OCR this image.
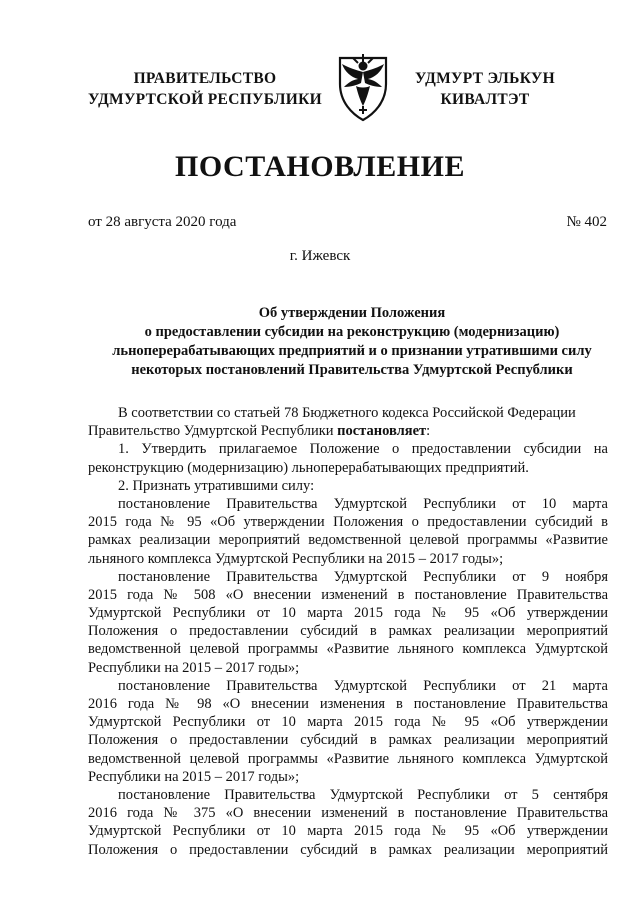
ПРАВИТЕЛЬСТВО
УДМУРТСКОЙ РЕСПУБЛИКИ
УДМУРТ ЭЛЬКУН
КИВАЛТЭТ
ПОСТАНОВЛЕНИЕ
от 28 августа 2020 года	№ 402
г. Ижевск
Об утверждении Положения
о предоставлении субсидии на реконструкцию (модернизацию)
льноперерабатывающих предприятий и о признании утратившими силу
некоторых постановлений Правительства Удмуртской Республики
В соответствии со статьей 78 Бюджетного кодекса Российской Федерации
Правительство Удмуртской Республики постановляет:
1. Утвердить прилагаемое Положение о предоставлении субсидии на
реконструкцию (модернизацию) льноперерабатывающих предприятий.
2. Признать утратившими силу:
постановление Правительства Удмуртской Республики от 10 марта
2015 года № 95 «Об утверждении Положения о предоставлении субсидий в
рамках реализации мероприятий ведомственной целевой программы «Развитие
льняного комплекса Удмуртской Республики на 2015 – 2017 годы»;
постановление Правительства Удмуртской Республики от 9 ноября
2015 года № 508 «О внесении изменений в постановление Правительства
Удмуртской Республики от 10 марта 2015 года № 95 «Об утверждении
Положения о предоставлении субсидий в рамках реализации мероприятий
ведомственной целевой программы «Развитие льняного комплекса Удмуртской
Республики на 2015 – 2017 годы»;
постановление Правительства Удмуртской Республики от 21 марта
2016 года № 98 «О внесении изменения в постановление Правительства
Удмуртской Республики от 10 марта 2015 года № 95 «Об утверждении
Положения о предоставлении субсидий в рамках реализации мероприятий
ведомственной целевой программы «Развитие льняного комплекса Удмуртской
Республики на 2015 – 2017 годы»;
постановление Правительства Удмуртской Республики от 5 сентября
2016 года № 375 «О внесении изменений в постановление Правительства
Удмуртской Республики от 10 марта 2015 года № 95 «Об утверждении
Положения о предоставлении субсидий в рамках реализации мероприятий
